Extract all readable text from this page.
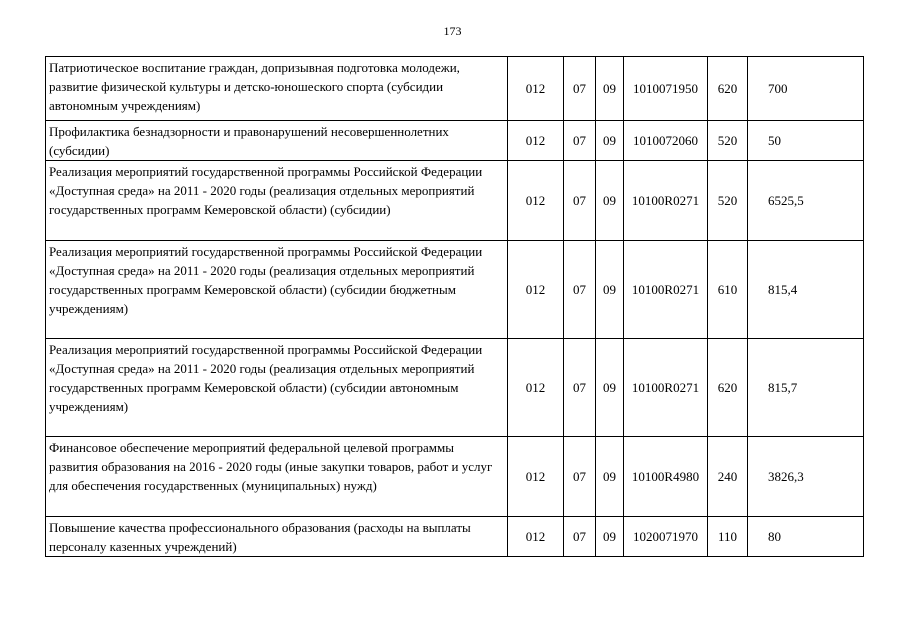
173
Патриотическое воспитание граждан, допризывная подготовка молодежи, развитие физической культуры и детско-юношеского спорта (субсидии автономным учреждениям)	012	07	09	1010071950	620	700
Профилактика безнадзорности и правонарушений несовершеннолетних (субсидии)	012	07	09	1010072060	520	50
Реализация мероприятий государственной программы Российской Федерации «Доступная среда» на 2011 - 2020 годы (реализация отдельных мероприятий государственных программ Кемеровской области) (субсидии)	012	07	09	10100R0271	520	6525,5
Реализация мероприятий государственной программы Российской Федерации «Доступная среда» на 2011 - 2020 годы (реализация отдельных мероприятий государственных программ Кемеровской области) (субсидии бюджетным учреждениям)	012	07	09	10100R0271	610	815,4
Реализация мероприятий государственной программы Российской Федерации «Доступная среда» на 2011 - 2020 годы (реализация отдельных мероприятий государственных программ Кемеровской области) (субсидии автономным учреждениям)	012	07	09	10100R0271	620	815,7
Финансовое обеспечение мероприятий федеральной целевой программы развития образования на 2016 - 2020 годы (иные закупки товаров, работ и услуг для обеспечения государственных (муниципальных) нужд)	012	07	09	10100R4980	240	3826,3
Повышение качества профессионального образования (расходы на выплаты персоналу казенных учреждений)	012	07	09	1020071970	110	80
